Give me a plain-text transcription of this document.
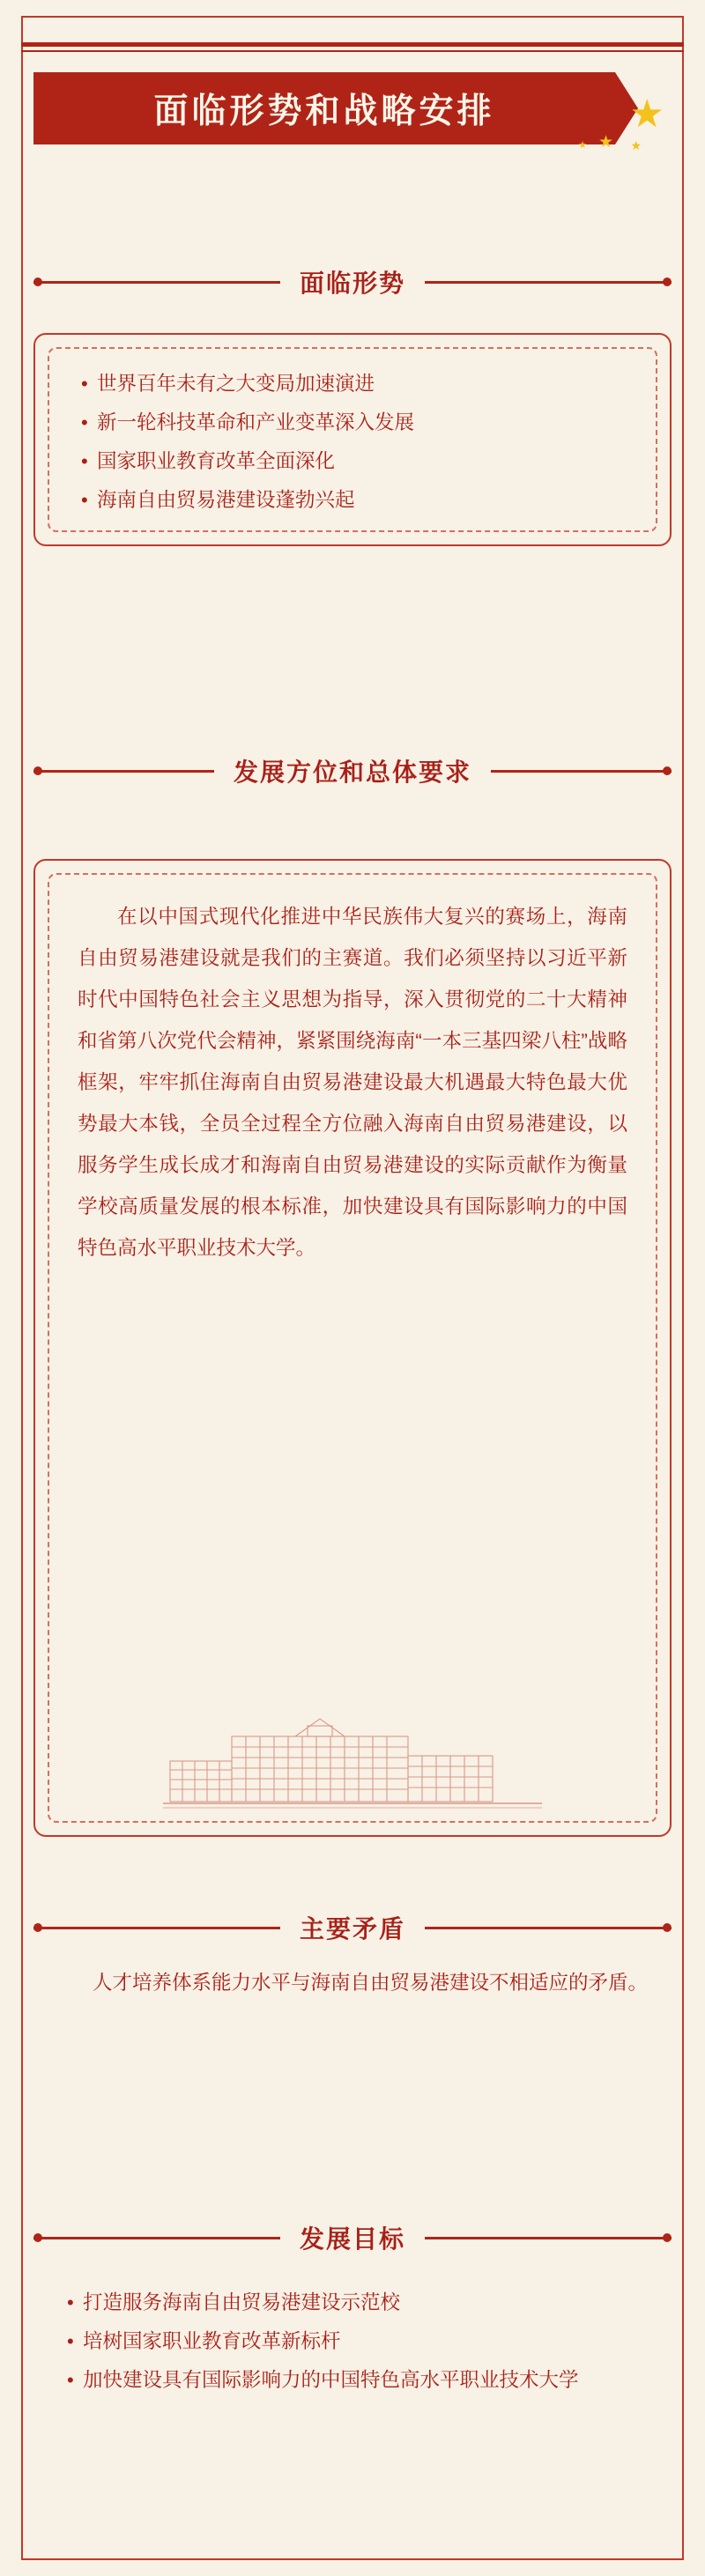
面临形势和战略安排	★
★ ★
★
面临形势
• 世界百年未有之大变局加速演进
• 新一轮科技革命和产业变革深入发展
• 国家职业教育改革全面深化
• 海南自由贸易港建设蓬勃兴起
发展方位和总体要求

在以中国式现代化推进中华民族伟大复兴的赛场上，海南自由贸易港建设就是我们的主赛道。我们必须坚持以习近平新时代中国特色社会主义思想为指导，深入贯彻党的二十大精神和省第八次党代会精神，紧紧围绕海南“一本三基四梁八柱”战略框架，牢牢抓住海南自由贸易港建设最大机遇最大特色最大优势最大本钱，全员全过程全方位融入海南自由贸易港建设，以服务学生成长成才和海南自由贸易港建设的实际贡献作为衡量学校高质量发展的根本标准，加快建设具有国际影响力的中国特色高水平职业技术大学。

主要矛盾

人才培养体系能力水平与海南自由贸易港建设不相适应的矛盾。

发展目标
• 打造服务海南自由贸易港建设示范校
• 培树国家职业教育改革新标杆
• 加快建设具有国际影响力的中国特色高水平职业技术大学
